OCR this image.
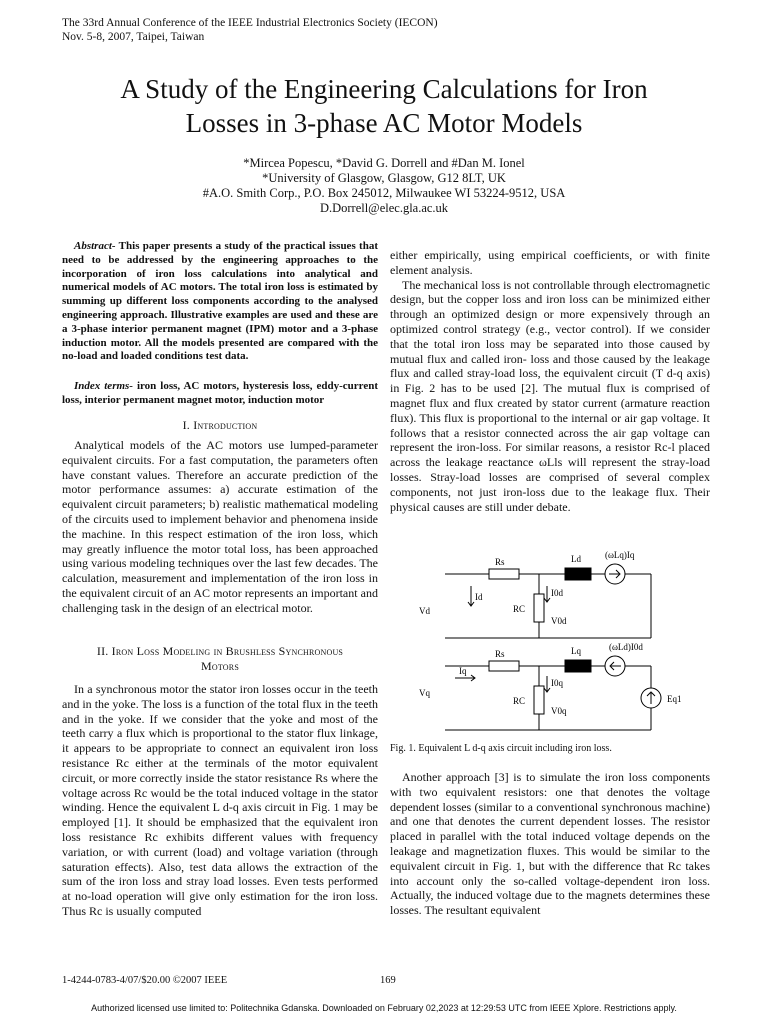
The 33rd Annual Conference of the IEEE Industrial Electronics Society (IECON)
Nov. 5-8, 2007, Taipei, Taiwan
A Study of the Engineering Calculations for Iron
Losses in 3-phase AC Motor Models
*Mircea Popescu, *David G. Dorrell and #Dan M. Ionel
*University of Glasgow, Glasgow, G12 8LT, UK
#A.O. Smith Corp., P.O. Box 245012, Milwaukee WI 53224-9512, USA
D.Dorrell@elec.gla.ac.uk

Abstract- This paper presents a study of the practical issues that need to be addressed by the engineering approaches to the incorporation of iron loss calculations into analytical and numerical models of AC motors. The total iron loss is estimated by summing up different loss components according to the analysed engineering approach. Illustrative examples are used and these are a 3-phase interior permanent magnet (IPM) motor and a 3-phase induction motor. All the models presented are compared with the no-load and loaded conditions test data.

Index terms- iron loss, AC motors, hysteresis loss, eddy-current loss, interior permanent magnet motor, induction motor

I. Introduction

Analytical models of the AC motors use lumped-parameter equivalent circuits. For a fast computation, the parameters often have constant values. Therefore an accurate prediction of the motor performance assumes: a) accurate estimation of the equivalent circuit parameters; b) realistic mathematical modeling of the circuits used to implement behavior and phenomena inside the machine. In this respect estimation of the iron loss, which may greatly influence the motor total loss, has been approached using various modeling techniques over the last few decades. The calculation, measurement and implementation of the iron loss in the equivalent circuit of an AC motor represents an important and challenging task in the design of an electrical motor.

II. Iron Loss Modeling in Brushless Synchronous
Motors

In a synchronous motor the stator iron losses occur in the teeth and in the yoke. The loss is a function of the total flux in the teeth and in the yoke. If we consider that the yoke and most of the teeth carry a flux which is proportional to the stator flux linkage, it appears to be appropriate to connect an equivalent iron loss resistance Rc either at the terminals of the motor equivalent circuit, or more correctly inside the stator resistance Rs where the voltage across Rc would be the total induced voltage in the stator winding. Hence the equivalent L d-q axis circuit in Fig. 1 may be employed [1]. It should be emphasized that the equivalent iron loss resistance Rc exhibits different values with frequency variation, or with current (load) and voltage variation (through saturation effects). Also, test data allows the extraction of the sum of the iron loss and stray load losses. Even tests performed at no-load operation will give only estimation for the iron loss. Thus Rc is usually computed

either empirically, using empirical coefficients, or with finite element analysis.

The mechanical loss is not controllable through electromagnetic design, but the copper loss and iron loss can be minimized either through an optimized design or more expensively through an optimized control strategy (e.g., vector control). If we consider that the total iron loss may be separated into those caused by mutual flux and called iron- loss and those caused by the leakage flux and called stray-load loss, the equivalent circuit (T d-q axis) in Fig. 2 has to be used [2]. The mutual flux is comprised of magnet flux and flux created by stator current (armature reaction flux). This flux is proportional to the internal or air gap voltage. It follows that a resistor connected across the air gap voltage can represent the iron-loss. For similar reasons, a resistor Rc-l placed across the leakage reactance ωLls will represent the stray-load losses. Stray-load losses are comprised of several complex components, not just iron-loss due to the leakage flux. Their physical causes are still under debate.

Rs	Ld	(ωLq)Iq
Id	I0d
RC
Vd
V0d
Rs	Lq	(ωLd)I0d
Iq
I0q
RC
Vq
V0q
Eq1
Fig. 1. Equivalent L d-q axis circuit including iron loss.

Another approach [3] is to simulate the iron loss components with two equivalent resistors: one that denotes the voltage dependent losses (similar to a conventional synchronous machine) and one that denotes the current dependent losses. The resistor placed in parallel with the total induced voltage depends on the leakage and magnetization fluxes. This would be similar to the equivalent circuit in Fig. 1, but with the difference that Rc takes into account only the so-called voltage-dependent iron loss. Actually, the induced voltage due to the magnets determines these losses. The resultant equivalent

1-4244-0783-4/07/$20.00 ©2007 IEEE	169
Authorized licensed use limited to: Politechnika Gdanska. Downloaded on February 02,2023 at 12:29:53 UTC from IEEE Xplore. Restrictions apply.
